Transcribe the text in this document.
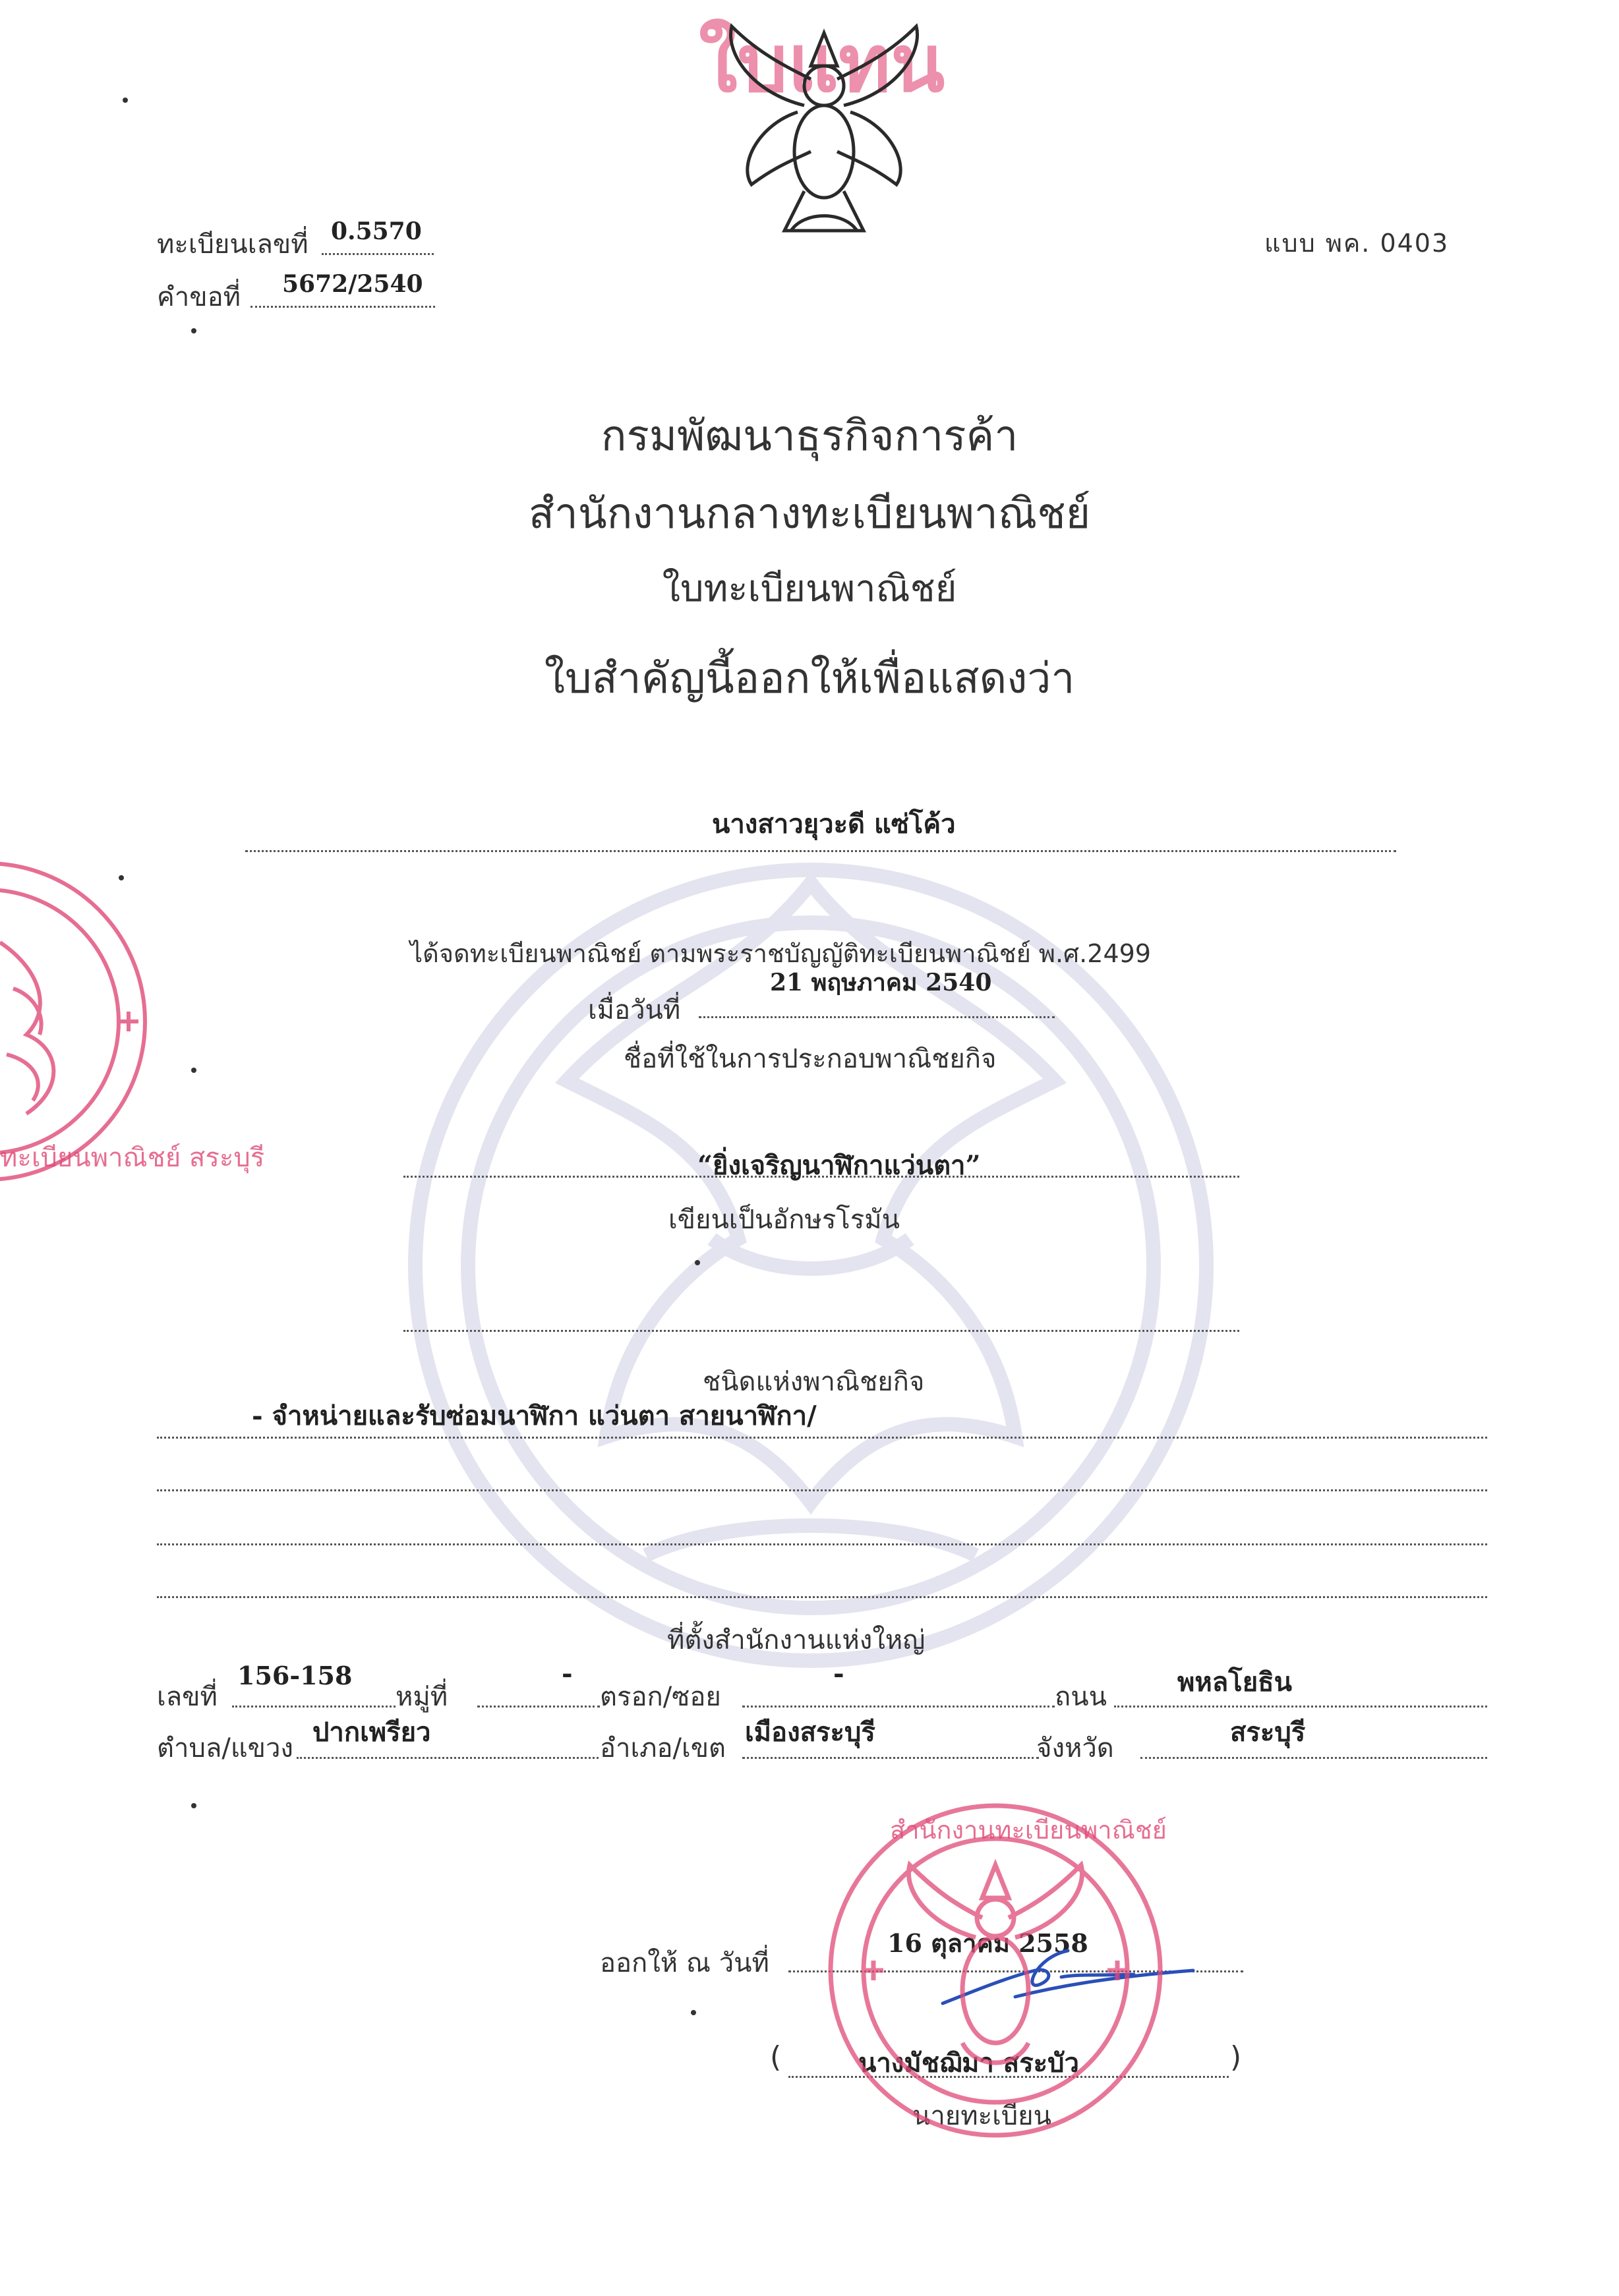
ใบแทน
ทะเบียนเลขที่ 0.5570
คำขอที่ 5672/2540
แบบ พค. 0403
กรมพัฒนาธุรกิจการค้า
สำนักงานกลางทะเบียนพาณิชย์
ใบทะเบียนพาณิชย์
ใบสำคัญนี้ออกให้เพื่อแสดงว่า
นางสาวยุวะดี แซ่โค้ว
ได้จดทะเบียนพาณิชย์ ตามพระราชบัญญัติทะเบียนพาณิชย์ พ.ศ.2499
เมื่อวันที่
21 พฤษภาคม 2540
ชื่อที่ใช้ในการประกอบพาณิชยกิจ
“ยิ่งเจริญนาฬิกาแว่นตา”
เขียนเป็นอักษรโรมัน
ชนิดแห่งพาณิชยกิจ
- จำหน่ายและรับซ่อมนาฬิกา แว่นตา สายนาฬิกา/
ที่ตั้งสำนักงานแห่งใหญ่
เลขที่
156-158
หมู่ที่
-
ตรอก/ซอย
-
ถนน	พหลโยธิน
ตำบล/แขวง
ปากเพรียว
อำเภอ/เขต
เมืองสระบุรี
จังหวัด
สระบุรี
ออกให้ ณ วันที่
16 ตุลาคม 2558
(	นางมัชฌิมา สระบัว	)
นายทะเบียน
ทะเบียนพาณิชย์ สระบุรี
สำนักงานทะเบียนพาณิชย์
